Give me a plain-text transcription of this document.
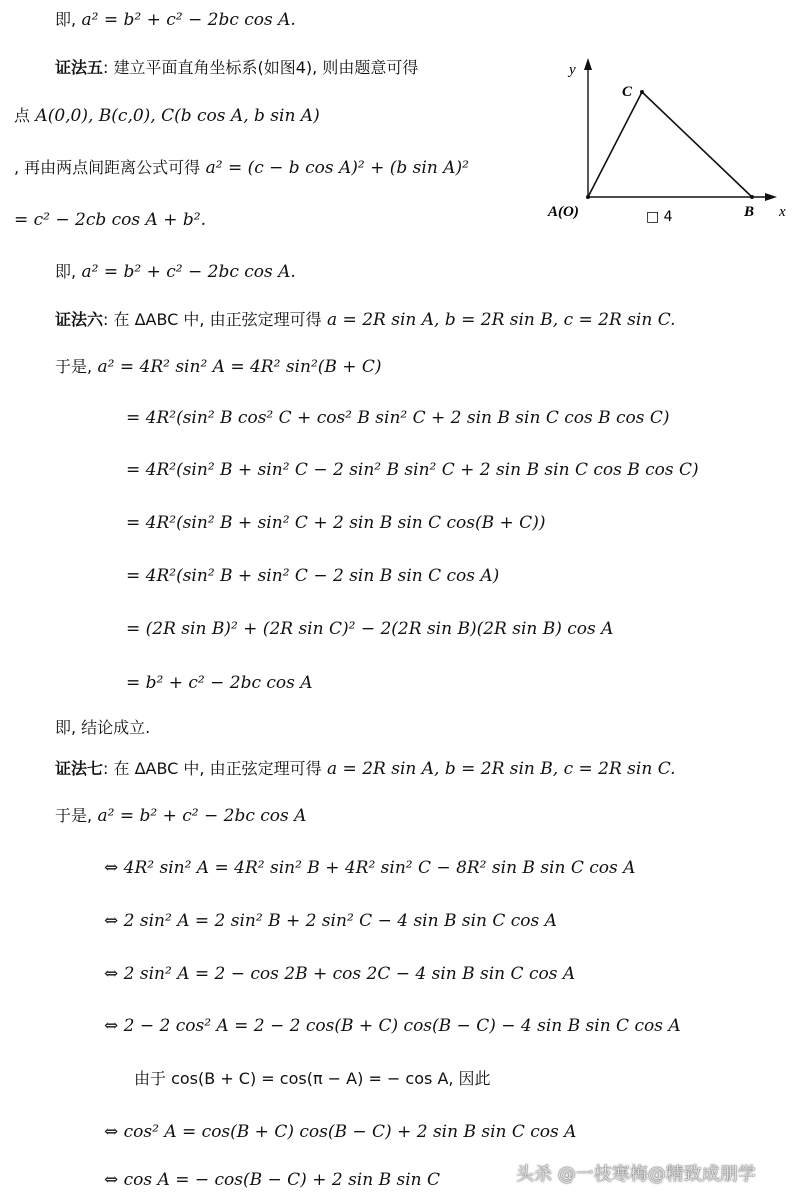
即, a² = b² + c² − 2bc cos A.
证法五: 建立平面直角坐标系(如图4), 则由题意可得
点 A(0,0), B(c,0), C(b cos A, b sin A)
, 再由两点间距离公式可得 a² = (c − b cos A)² + (b sin A)²
= c² − 2cb cos A + b².
即, a² = b² + c² − 2bc cos A.
证法六: 在 ΔABC 中, 由正弦定理可得 a = 2R sin A, b = 2R sin B, c = 2R sin C.
于是, a² = 4R² sin² A = 4R² sin²(B + C)
= 4R²(sin² B cos² C + cos² B sin² C + 2 sin B sin C cos B cos C)
= 4R²(sin² B + sin² C − 2 sin² B sin² C + 2 sin B sin C cos B cos C)
= 4R²(sin² B + sin² C + 2 sin B sin C cos(B + C))
= 4R²(sin² B + sin² C − 2 sin B sin C cos A)
= (2R sin B)² + (2R sin C)² − 2(2R sin B)(2R sin B) cos A
= b² + c² − 2bc cos A
即, 结论成立.
证法七: 在 ΔABC 中, 由正弦定理可得 a = 2R sin A, b = 2R sin B, c = 2R sin C.
于是, a² = b² + c² − 2bc cos A
⇔ 4R² sin² A = 4R² sin² B + 4R² sin² C − 8R² sin B sin C cos A
⇔ 2 sin² A = 2 sin² B + 2 sin² C − 4 sin B sin C cos A
⇔ 2 sin² A = 2 − cos 2B + cos 2C − 4 sin B sin C cos A
⇔ 2 − 2 cos² A = 2 − 2 cos(B + C) cos(B − C) − 4 sin B sin C cos A
由于 cos(B + C) = cos(π − A) = − cos A, 因此
⇔ cos² A = cos(B + C) cos(B − C) + 2 sin B sin C cos A
⇔ cos A = − cos(B − C) + 2 sin B sin C
y
x
C
A(O)	B
□ 4
头杀 @一枝寒梅@精致成朋学
